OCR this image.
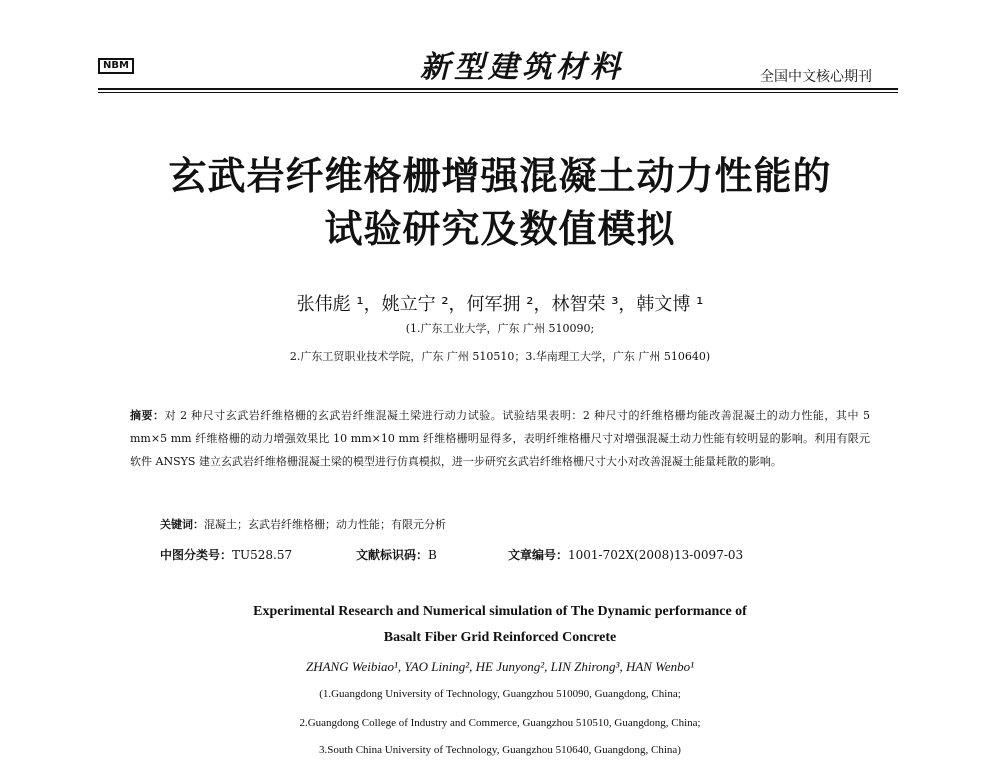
NBM	新型建筑材料	全国中文核心期刊
玄武岩纤维格栅增强混凝土动力性能的
试验研究及数值模拟
张伟彪 ¹，姚立宁 ²，何军拥 ²，林智荣 ³，韩文博 ¹
(1.广东工业大学，广东 广州 510090;
2.广东工贸职业技术学院，广东 广州 510510；3.华南理工大学，广东 广州 510640)
摘要：对 2 种尺寸玄武岩纤维格栅的玄武岩纤维混凝土梁进行动力试验。试验结果表明：2 种尺寸的纤维格栅均能改善混凝土的动力性能，其中 5 mm×5 mm 纤维格栅的动力增强效果比 10 mm×10 mm 纤维格栅明显得多，表明纤维格栅尺寸对增强混凝土动力性能有较明显的影响。利用有限元软件 ANSYS 建立玄武岩纤维格栅混凝土梁的模型进行仿真模拟，进一步研究玄武岩纤维格栅尺寸大小对改善混凝土能量耗散的影响。
关键词：混凝土；玄武岩纤维格栅；动力性能；有限元分析
中图分类号：TU528.57	文献标识码：B	文章编号：1001-702X(2008)13-0097-03
Experimental Research and Numerical simulation of The Dynamic performance of
Basalt Fiber Grid Reinforced Concrete
ZHANG Weibiao¹, YAO Lining², HE Junyong², LIN Zhirong³, HAN Wenbo¹
(1.Guangdong University of Technology, Guangzhou 510090, Guangdong, China;
2.Guangdong College of Industry and Commerce, Guangzhou 510510, Guangdong, China;
3.South China University of Technology, Guangzhou 510640, Guangdong, China)
